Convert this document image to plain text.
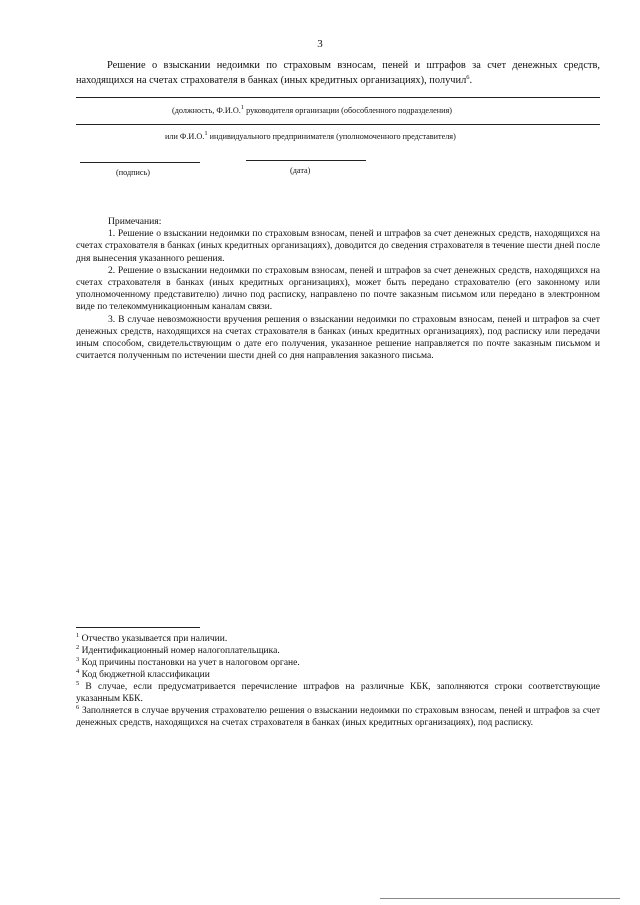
3
Решение о взыскании недоимки по страховым взносам, пеней и штрафов за счет денежных средств, находящихся на счетах страхователя в банках (иных кредитных организациях), получил$^6$.
(должность, Ф.И.О.$^1$ руководителя организации (обособленного подразделения)
или Ф.И.О.$^1$ индивидуального предпринимателя (уполномоченного представителя)
(подпись)	(дата)

Примечания:

1. Решение о взыскании недоимки по страховым взносам, пеней и штрафов за счет денежных средств, находящихся на счетах страхователя в банках (иных кредитных организациях), доводится до сведения страхователя в течение шести дней после дня вынесения указанного решения.

2. Решение о взыскании недоимки по страховым взносам, пеней и штрафов за счет денежных средств, находящихся на счетах страхователя в банках (иных кредитных организациях), может быть передано страхователю (его законному или уполномоченному представителю) лично под расписку, направлено по почте заказным письмом или передано в электронном виде по телекоммуникационным каналам связи.

3. В случае невозможности вручения решения о взыскании недоимки по страховым взносам, пеней и штрафов за счет денежных средств, находящихся на счетах страхователя в банках (иных кредитных организациях), под расписку или передачи иным способом, свидетельствующим о дате его получения, указанное решение направляется по почте заказным письмом и считается полученным по истечении шести дней со дня направления заказного письма.

$^1$ Отчество указывается при наличии.

$^2$ Идентификационный номер налогоплательщика.

$^3$ Код причины постановки на учет в налоговом органе.

$^4$ Код бюджетной классификации

$^5$ В случае, если предусматривается перечисление штрафов на различные КБК, заполняются строки соответствующие указанным КБК.

$^6$ Заполняется в случае вручения страхователю решения о взыскании недоимки по страховым взносам, пеней и штрафов за счет денежных средств, находящихся на счетах страхователя в банках (иных кредитных организациях), под расписку.
